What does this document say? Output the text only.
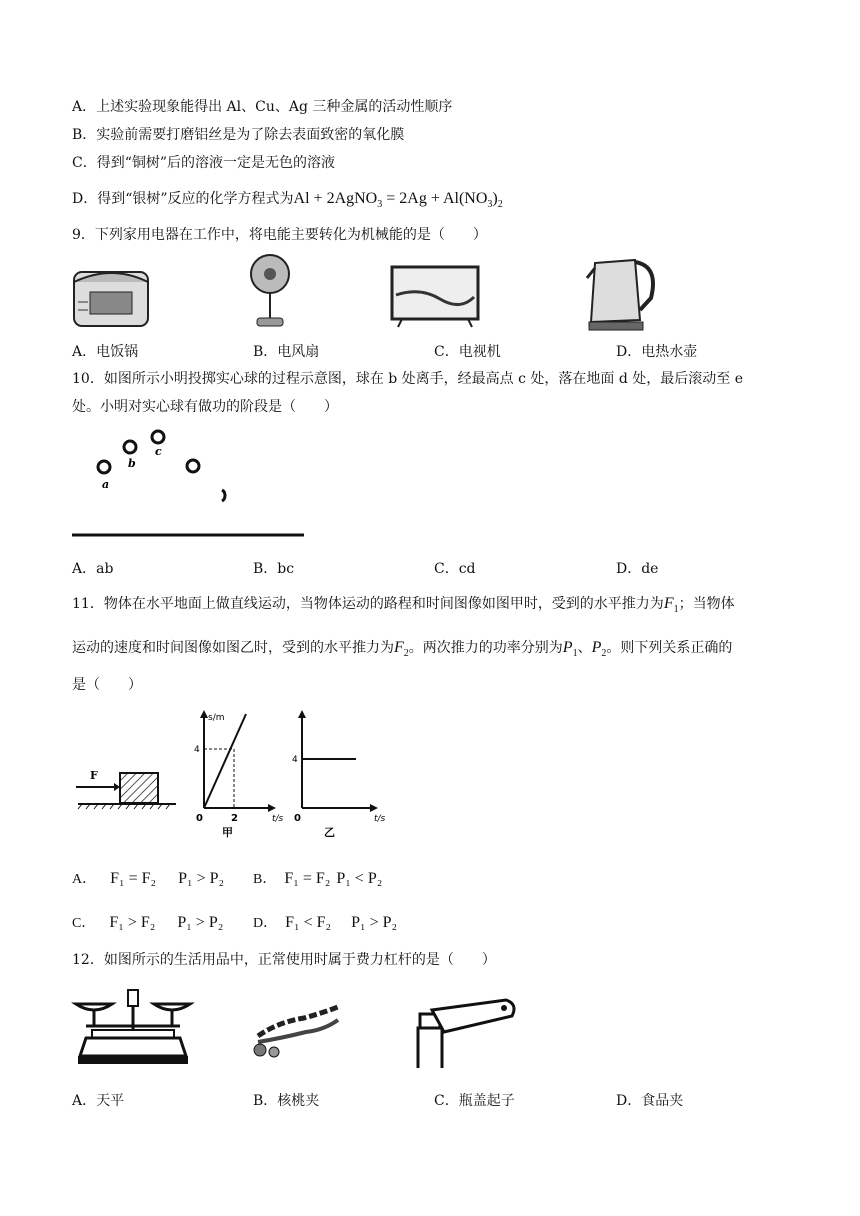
A．上述实验现象能得出 Al、Cu、Ag 三种金属的活动性顺序
B．实验前需要打磨铝丝是为了除去表面致密的氧化膜
C．得到“铜树”后的溶液一定是无色的溶液
D．得到“银树”反应的化学方程式为Al + 2AgNO$_3$ = $2Ag + Al(NO_3)_2$
9．下列家用电器在工作中，将电能主要转化为机械能的是（　　）
A．电饭锅	B．电风扇	C．电视机	D．电热水壶
10．如图所示小明投掷实心球的过程示意图，球在 b 处离手，经最高点 c 处，落在地面 d 处，最后滚动至 e
处。小明对实心球有做功的阶段是（　　）
a
b
c
A．ab	B．bc	C．cd	D．de
11．物体在水平地面上做直线运动，当物体运动的路程和时间图像如图甲时，受到的水平推力为$F_1$；当物体
运动的速度和时间图像如图乙时，受到的水平推力为$F_2$。两次推力的功率分别为$P_1$、$P_2$。则下列关系正确的
是（　　）
F
s/m
4
0	2	t/s
甲
4
0	t/s
乙
A． F₁ = F₂ P₁ > P₂ B． F₁ = F₂ P₁ < P₂
C． F₁ > F₂ P₁ > P₂ D． F₁ < F₂ P₁ > P₂
12．如图所示的生活用品中，正常使用时属于费力杠杆的是（　　）
A．天平	B．核桃夹	C．瓶盖起子	D．食品夹
